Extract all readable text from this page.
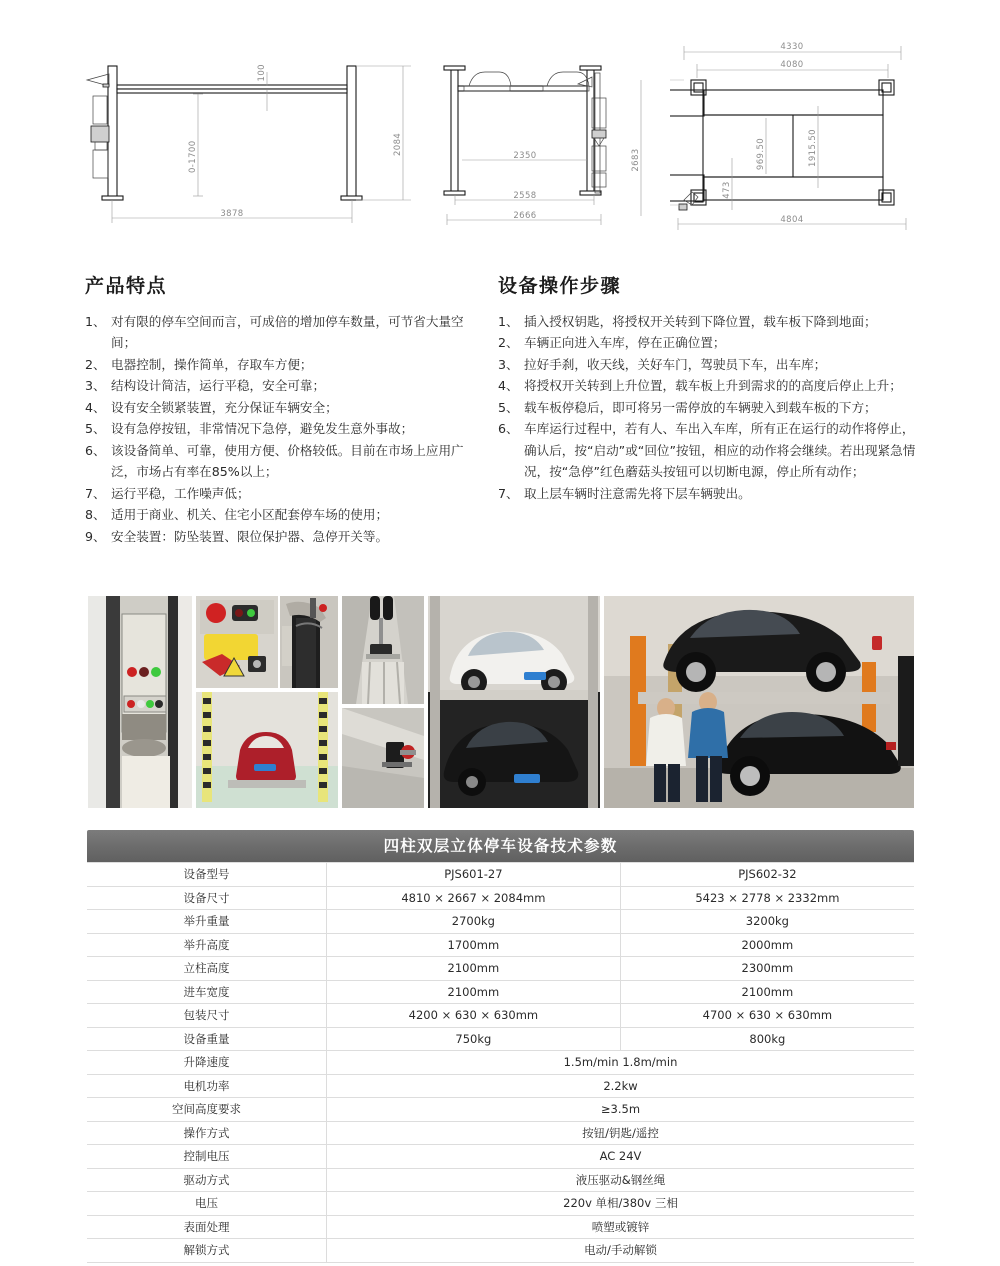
100
0-1700	2084
3878
2350
2558
2666
2683
4330
4080
969.50	1915.50
473
4804
产品特点
1、 对有限的停车空间而言，可成倍的增加停车数量，可节省大量空间；
2、 电器控制，操作简单，存取车方便；
3、 结构设计简洁，运行平稳，安全可靠；
4、 设有安全锁紧装置，充分保证车辆安全；
5、 设有急停按钮，非常情况下急停，避免发生意外事故；
6、 该设备简单、可靠，使用方便、价格较低。目前在市场上应用广泛，市场占有率在85%以上；
7、 运行平稳，工作噪声低；
8、 适用于商业、机关、住宅小区配套停车场的使用；
9、 安全装置：防坠装置、限位保护器、急停开关等。
设备操作步骤
1、 插入授权钥匙，将授权开关转到下降位置，载车板下降到地面；
2、 车辆正向进入车库，停在正确位置；
3、 拉好手刹，收天线，关好车门，驾驶员下车，出车库；
4、 将授权开关转到上升位置，载车板上升到需求的的高度后停止上升；
5、 载车板停稳后，即可将另一需停放的车辆驶入到载车板的下方；
6、 车库运行过程中，若有人、车出入车库，所有正在运行的动作将停止，确认后，按“启动”或“回位”按钮，相应的动作将会继续。若出现紧急情况，按“急停”红色蘑菇头按钮可以切断电源，停止所有动作；
7、 取上层车辆时注意需先将下层车辆驶出。
四柱双层立体停车设备技术参数
设备型号	PJS601-27	PJS602-32
设备尺寸	4810 × 2667 × 2084mm	5423 × 2778 × 2332mm
举升重量	2700kg	3200kg
举升高度	1700mm	2000mm
立柱高度	2100mm	2300mm
进车宽度	2100mm	2100mm
包装尺寸	4200 × 630 × 630mm	4700 × 630 × 630mm
设备重量	750kg	800kg
升降速度	1.5m/min 1.8m/min	
电机功率	2.2kw	
空间高度要求	≥3.5m	
操作方式	按钮/钥匙/遥控	
控制电压	AC 24V	
驱动方式	液压驱动&钢丝绳	
电压	220v 单相/380v 三相	
表面处理	喷塑或镀锌	
解锁方式	电动/手动解锁	
